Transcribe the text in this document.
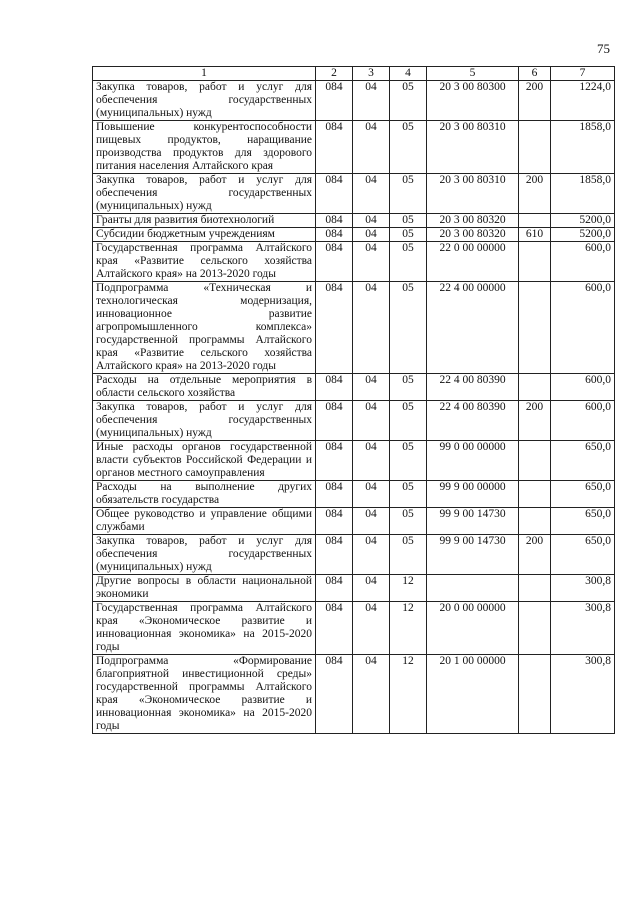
75
1	2	3	4	5	6	7
Закупка товаров, работ и услуг для обеспечения государственных (муниципальных) нужд	084	04	05	20 3 00 80300	200	1224,0
Повышение конкурентоспособности пищевых продуктов, наращивание производства продуктов для здорового питания населения Алтайского края	084	04	05	20 3 00 80310		1858,0
Закупка товаров, работ и услуг для обеспечения государственных (муниципальных) нужд	084	04	05	20 3 00 80310	200	1858,0
Гранты для развития биотехнологий	084	04	05	20 3 00 80320		5200,0
Субсидии бюджетным учреждениям	084	04	05	20 3 00 80320	610	5200,0
Государственная программа Алтайского края «Развитие сельского хозяйства Алтайского края» на 2013-2020 годы	084	04	05	22 0 00 00000		600,0
Подпрограмма «Техническая и технологическая модернизация, инновационное развитие агропромышленного комплекса» государственной программы Алтайского края «Развитие сельского хозяйства Алтайского края» на 2013-2020 годы	084	04	05	22 4 00 00000		600,0
Расходы на отдельные мероприятия в области сельского хозяйства	084	04	05	22 4 00 80390		600,0
Закупка товаров, работ и услуг для обеспечения государственных (муниципальных) нужд	084	04	05	22 4 00 80390	200	600,0
Иные расходы органов государственной власти субъектов Российской Федерации и органов местного самоуправления	084	04	05	99 0 00 00000		650,0
Расходы на выполнение других обязательств государства	084	04	05	99 9 00 00000		650,0
Общее руководство и управление общими службами	084	04	05	99 9 00 14730		650,0
Закупка товаров, работ и услуг для обеспечения государственных (муниципальных) нужд	084	04	05	99 9 00 14730	200	650,0
Другие вопросы в области национальной экономики	084	04	12			300,8
Государственная программа Алтайского края «Экономическое развитие и инновационная экономика» на 2015-2020 годы	084	04	12	20 0 00 00000		300,8
Подпрограмма «Формирование благоприятной инвестиционной среды» государственной программы Алтайского края «Экономическое развитие и инновационная экономика» на 2015-2020 годы	084	04	12	20 1 00 00000		300,8
